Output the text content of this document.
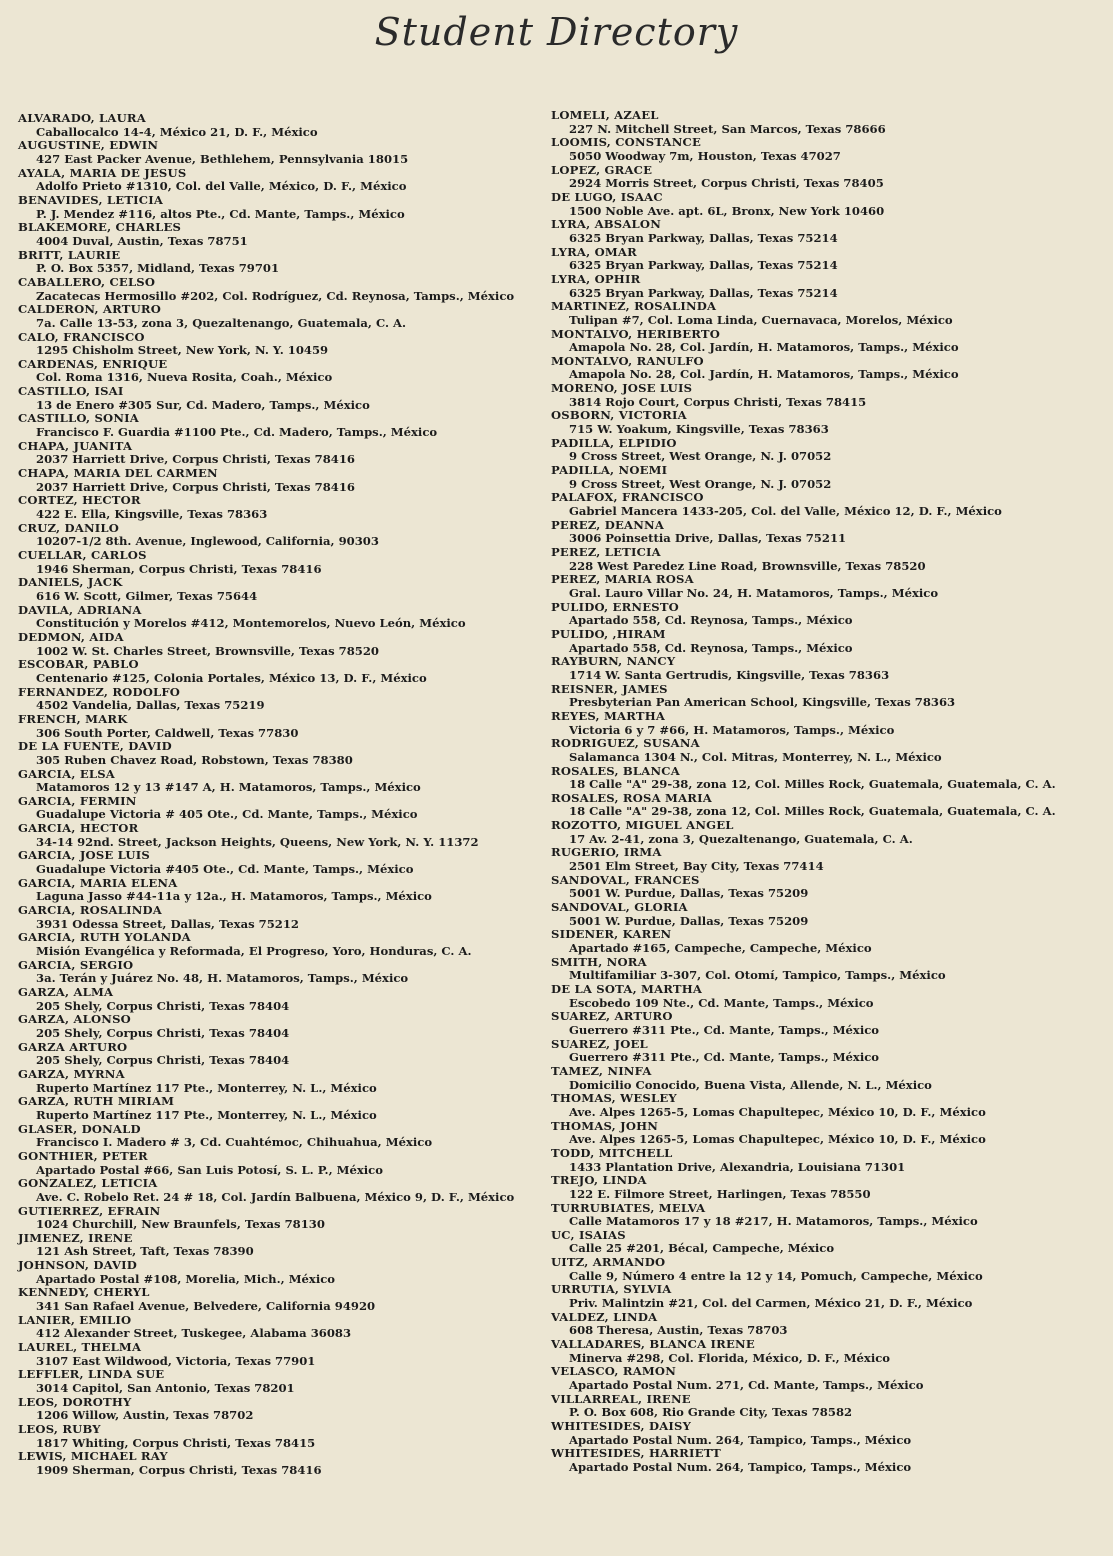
Student Directory
ALVARADO, LAURA
Caballocalco 14-4, México 21, D. F., México
AUGUSTINE, EDWIN
427 East Packer Avenue, Bethlehem, Pennsylvania 18015
AYALA, MARIA DE JESUS
Adolfo Prieto #1310, Col. del Valle, México, D. F., México
BENAVIDES, LETICIA
P. J. Mendez #116, altos Pte., Cd. Mante, Tamps., México
BLAKEMORE, CHARLES
4004 Duval, Austin, Texas 78751
BRITT, LAURIE
P. O. Box 5357, Midland, Texas 79701
CABALLERO, CELSO
Zacatecas Hermosillo #202, Col. Rodríguez, Cd. Reynosa, Tamps., México
CALDERON, ARTURO
7a. Calle 13-53, zona 3, Quezaltenango, Guatemala, C. A.
CALO, FRANCISCO
1295 Chisholm Street, New York, N. Y. 10459
CARDENAS, ENRIQUE
Col. Roma 1316, Nueva Rosita, Coah., México
CASTILLO, ISAI
13 de Enero #305 Sur, Cd. Madero, Tamps., México
CASTILLO, SONIA
Francisco F. Guardia #1100 Pte., Cd. Madero, Tamps., México
CHAPA, JUANITA
2037 Harriett Drive, Corpus Christi, Texas 78416
CHAPA, MARIA DEL CARMEN
2037 Harriett Drive, Corpus Christi, Texas 78416
CORTEZ, HECTOR
422 E. Ella, Kingsville, Texas 78363
CRUZ, DANILO
10207-1/2 8th. Avenue, Inglewood, California, 90303
CUELLAR, CARLOS
1946 Sherman, Corpus Christi, Texas 78416
DANIELS, JACK
616 W. Scott, Gilmer, Texas 75644
DAVILA, ADRIANA
Constitución y Morelos #412, Montemorelos, Nuevo León, México
DEDMON, AIDA
1002 W. St. Charles Street, Brownsville, Texas 78520
ESCOBAR, PABLO
Centenario #125, Colonia Portales, México 13, D. F., México
FERNANDEZ, RODOLFO
4502 Vandelia, Dallas, Texas 75219
FRENCH, MARK
306 South Porter, Caldwell, Texas 77830
DE LA FUENTE, DAVID
305 Ruben Chavez Road, Robstown, Texas 78380
GARCIA, ELSA
Matamoros 12 y 13 #147 A, H. Matamoros, Tamps., México
GARCIA, FERMIN
Guadalupe Victoria # 405 Ote., Cd. Mante, Tamps., México
GARCIA, HECTOR
34-14 92nd. Street, Jackson Heights, Queens, New York, N. Y. 11372
GARCIA, JOSE LUIS
Guadalupe Victoria #405 Ote., Cd. Mante, Tamps., México
GARCIA, MARIA ELENA
Laguna Jasso #44-11a y 12a., H. Matamoros, Tamps., México
GARCIA, ROSALINDA
3931 Odessa Street, Dallas, Texas 75212
GARCIA, RUTH YOLANDA
Misión Evangélica y Reformada, El Progreso, Yoro, Honduras, C. A.
GARCIA, SERGIO
3a. Terán y Juárez No. 48, H. Matamoros, Tamps., México
GARZA, ALMA
205 Shely, Corpus Christi, Texas 78404
GARZA, ALONSO
205 Shely, Corpus Christi, Texas 78404
GARZA ARTURO
205 Shely, Corpus Christi, Texas 78404
GARZA, MYRNA
Ruperto Martínez 117 Pte., Monterrey, N. L., México
GARZA, RUTH MIRIAM
Ruperto Martínez 117 Pte., Monterrey, N. L., México
GLASER, DONALD
Francisco I. Madero # 3, Cd. Cuahtémoc, Chihuahua, México
GONTHIER, PETER
Apartado Postal #66, San Luis Potosí, S. L. P., México
GONZALEZ, LETICIA
Ave. C. Robelo Ret. 24 # 18, Col. Jardín Balbuena, México 9, D. F., México
GUTIERREZ, EFRAIN
1024 Churchill, New Braunfels, Texas 78130
JIMENEZ, IRENE
121 Ash Street, Taft, Texas 78390
JOHNSON, DAVID
Apartado Postal #108, Morelia, Mich., México
KENNEDY, CHERYL
341 San Rafael Avenue, Belvedere, California 94920
LANIER, EMILIO
412 Alexander Street, Tuskegee, Alabama 36083
LAUREL, THELMA
3107 East Wildwood, Victoria, Texas 77901
LEFFLER, LINDA SUE
3014 Capitol, San Antonio, Texas 78201
LEOS, DOROTHY
1206 Willow, Austin, Texas 78702
LEOS, RUBY
1817 Whiting, Corpus Christi, Texas 78415
LEWIS, MICHAEL RAY
1909 Sherman, Corpus Christi, Texas 78416
LOMELI, AZAEL
227 N. Mitchell Street, San Marcos, Texas 78666
LOOMIS, CONSTANCE
5050 Woodway 7m, Houston, Texas 47027
LOPEZ, GRACE
2924 Morris Street, Corpus Christi, Texas 78405
DE LUGO, ISAAC
1500 Noble Ave. apt. 6L, Bronx, New York 10460
LYRA, ABSALON
6325 Bryan Parkway, Dallas, Texas 75214
LYRA, OMAR
6325 Bryan Parkway, Dallas, Texas 75214
LYRA, OPHIR
6325 Bryan Parkway, Dallas, Texas 75214
MARTINEZ, ROSALINDA
Tulipan #7, Col. Loma Linda, Cuernavaca, Morelos, México
MONTALVO, HERIBERTO
Amapola No. 28, Col. Jardín, H. Matamoros, Tamps., México
MONTALVO, RANULFO
Amapola No. 28, Col. Jardín, H. Matamoros, Tamps., México
MORENO, JOSE LUIS
3814 Rojo Court, Corpus Christi, Texas 78415
OSBORN, VICTORIA
715 W. Yoakum, Kingsville, Texas 78363
PADILLA, ELPIDIO
9 Cross Street, West Orange, N. J. 07052
PADILLA, NOEMI
9 Cross Street, West Orange, N. J. 07052
PALAFOX, FRANCISCO
Gabriel Mancera 1433-205, Col. del Valle, México 12, D. F., México
PEREZ, DEANNA
3006 Poinsettia Drive, Dallas, Texas 75211
PEREZ, LETICIA
228 West Paredez Line Road, Brownsville, Texas 78520
PEREZ, MARIA ROSA
Gral. Lauro Villar No. 24, H. Matamoros, Tamps., México
PULIDO, ERNESTO
Apartado 558, Cd. Reynosa, Tamps., México
PULIDO, ,HIRAM
Apartado 558, Cd. Reynosa, Tamps., México
RAYBURN, NANCY
1714 W. Santa Gertrudis, Kingsville, Texas 78363
REISNER, JAMES
Presbyterian Pan American School, Kingsville, Texas 78363
REYES, MARTHA
Victoria 6 y 7 #66, H. Matamoros, Tamps., México
RODRIGUEZ, SUSANA
Salamanca 1304 N., Col. Mitras, Monterrey, N. L., México
ROSALES, BLANCA
18 Calle "A" 29-38, zona 12, Col. Milles Rock, Guatemala, Guatemala, C. A.
ROSALES, ROSA MARIA
18 Calle "A" 29-38, zona 12, Col. Milles Rock, Guatemala, Guatemala, C. A.
ROZOTTO, MIGUEL ANGEL
17 Av. 2-41, zona 3, Quezaltenango, Guatemala, C. A.
RUGERIO, IRMA
2501 Elm Street, Bay City, Texas 77414
SANDOVAL, FRANCES
5001 W. Purdue, Dallas, Texas 75209
SANDOVAL, GLORIA
5001 W. Purdue, Dallas, Texas 75209
SIDENER, KAREN
Apartado #165, Campeche, Campeche, México
SMITH, NORA
Multifamiliar 3-307, Col. Otomí, Tampico, Tamps., México
DE LA SOTA, MARTHA
Escobedo 109 Nte., Cd. Mante, Tamps., México
SUAREZ, ARTURO
Guerrero #311 Pte., Cd. Mante, Tamps., México
SUAREZ, JOEL
Guerrero #311 Pte., Cd. Mante, Tamps., México
TAMEZ, NINFA
Domicilio Conocido, Buena Vista, Allende, N. L., México
THOMAS, WESLEY
Ave. Alpes 1265-5, Lomas Chapultepec, México 10, D. F., México
THOMAS, JOHN
Ave. Alpes 1265-5, Lomas Chapultepec, México 10, D. F., México
TODD, MITCHELL
1433 Plantation Drive, Alexandria, Louisiana 71301
TREJO, LINDA
122 E. Filmore Street, Harlingen, Texas 78550
TURRUBIATES, MELVA
Calle Matamoros 17 y 18 #217, H. Matamoros, Tamps., México
UC, ISAIAS
Calle 25 #201, Bécal, Campeche, México
UITZ, ARMANDO
Calle 9, Número 4 entre la 12 y 14, Pomuch, Campeche, México
URRUTIA, SYLVIA
Priv. Malintzin #21, Col. del Carmen, México 21, D. F., México
VALDEZ, LINDA
608 Theresa, Austin, Texas 78703
VALLADARES, BLANCA IRENE
Minerva #298, Col. Florida, México, D. F., México
VELASCO, RAMON
Apartado Postal Num. 271, Cd. Mante, Tamps., México
VILLARREAL, IRENE
P. O. Box 608, Rio Grande City, Texas 78582
WHITESIDES, DAISY
Apartado Postal Num. 264, Tampico, Tamps., México
WHITESIDES, HARRIETT
Apartado Postal Num. 264, Tampico, Tamps., México
